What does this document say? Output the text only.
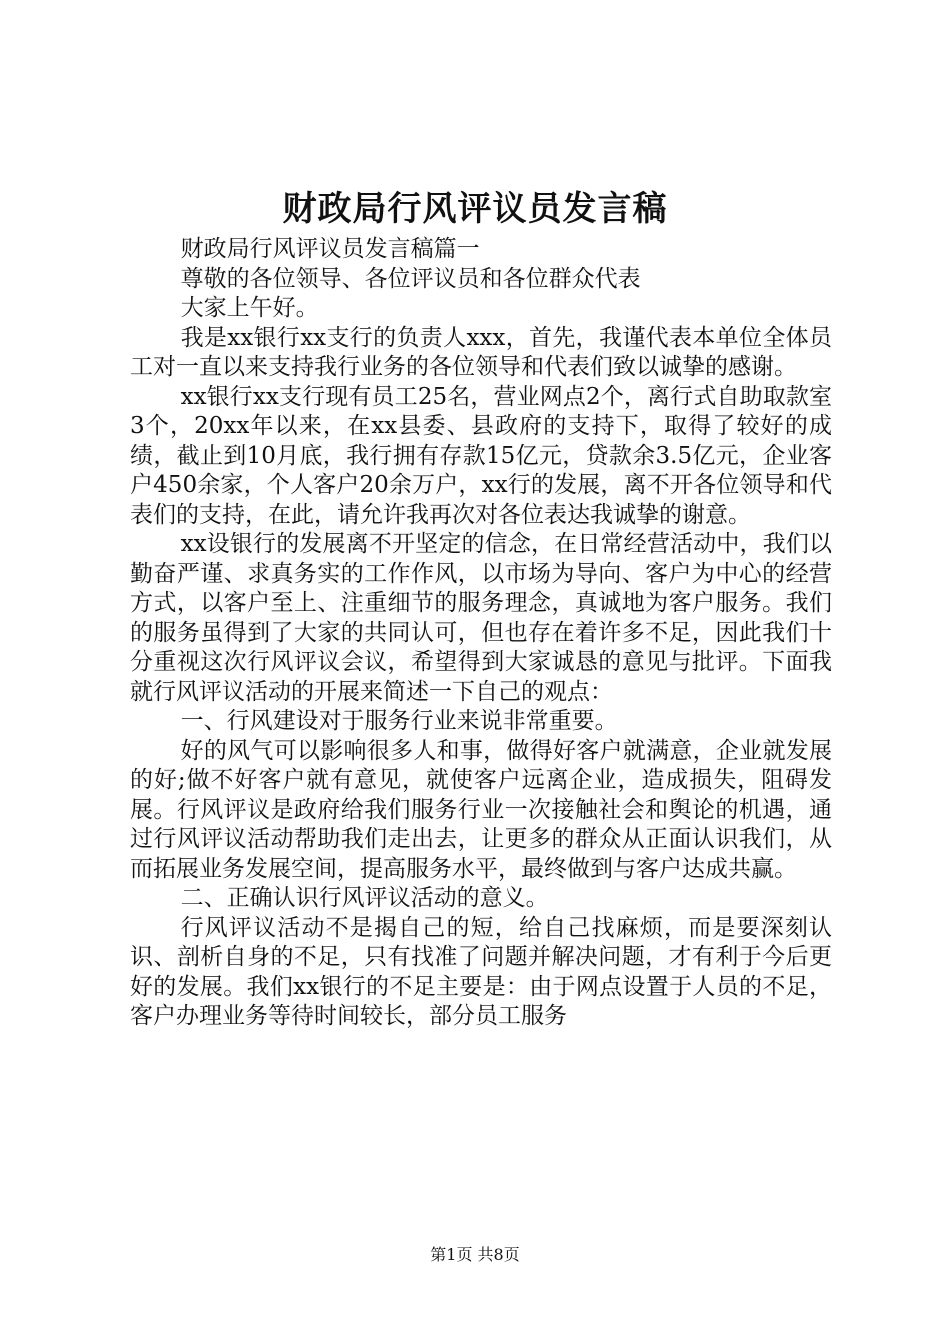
财政局行风评议员发言稿

财政局行风评议员发言稿篇一

尊敬的各位领导、各位评议员和各位群众代表

大家上午好。

我是xx银行xx支行的负责人xxx，首先，我谨代表本单位全体员工对一直以来支持我行业务的各位领导和代表们致以诚挚的感谢。

xx银行xx支行现有员工25名，营业网点2个，离行式自助取款室3个，20xx年以来，在xx县委、县政府的支持下，取得了较好的成绩，截止到10月底，我行拥有存款15亿元，贷款余3.5亿元，企业客户450余家，个人客户20余万户，xx行的发展，离不开各位领导和代表们的支持，在此，请允许我再次对各位表达我诚挚的谢意。

xx设银行的发展离不开坚定的信念，在日常经营活动中，我们以勤奋严谨、求真务实的工作作风，以市场为导向、客户为中心的经营方式，以客户至上、注重细节的服务理念，真诚地为客户服务。我们的服务虽得到了大家的共同认可，但也存在着许多不足，因此我们十分重视这次行风评议会议，希望得到大家诚恳的意见与批评。下面我就行风评议活动的开展来简述一下自己的观点：

一、行风建设对于服务行业来说非常重要。

好的风气可以影响很多人和事，做得好客户就满意，企业就发展的好;做不好客户就有意见，就使客户远离企业，造成损失，阻碍发展。行风评议是政府给我们服务行业一次接触社会和舆论的机遇，通过行风评议活动帮助我们走出去，让更多的群众从正面认识我们，从而拓展业务发展空间，提高服务水平，最终做到与客户达成共赢。

二、正确认识行风评议活动的意义。

行风评议活动不是揭自己的短，给自己找麻烦，而是要深刻认识、剖析自身的不足，只有找准了问题并解决问题，才有利于今后更好的发展。我们xx银行的不足主要是：由于网点设置于人员的不足，客户办理业务等待时间较长，部分员工服务

第1页 共8页
